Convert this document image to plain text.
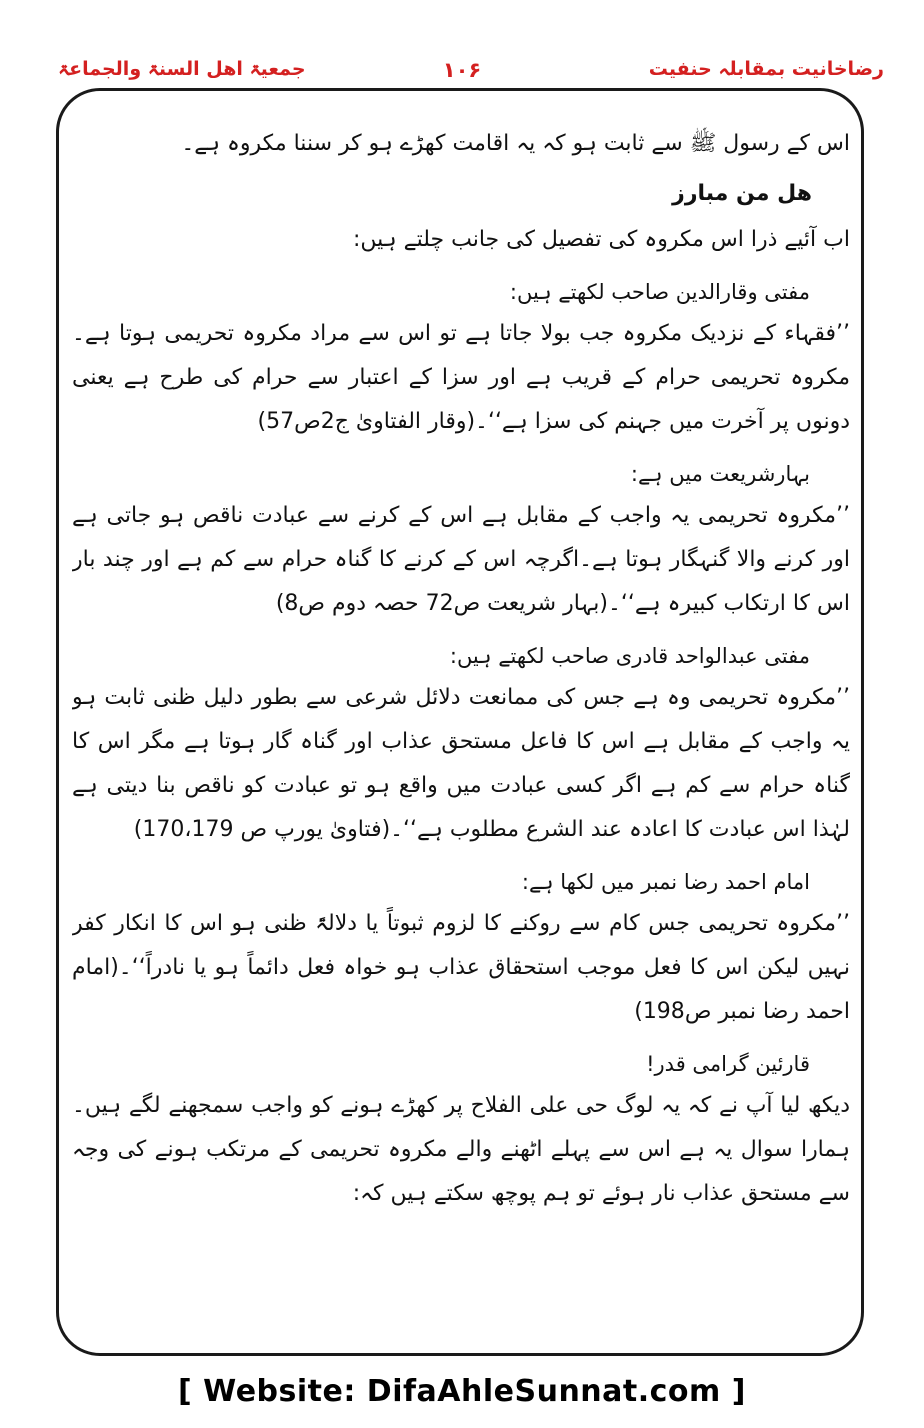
رضاخانیت بمقابلہ حنفیت
۱۰۶
جمعیۃ اھل السنۃ والجماعۃ

اس کے رسول ﷺ سے ثابت ہو کہ یہ اقامت کھڑے ہو کر سننا مکروہ ہے۔

ھل من مبارز

اب آئیے ذرا اس مکروہ کی تفصیل کی جانب چلتے ہیں:

مفتی وقارالدین صاحب لکھتے ہیں:

’’فقہاء کے نزدیک مکروہ جب بولا جاتا ہے تو اس سے مراد مکروہ تحریمی ہوتا ہے۔مکروہ تحریمی حرام کے قریب ہے اور سزا کے اعتبار سے حرام کی طرح ہے یعنی دونوں پر آخرت میں جہنم کی سزا ہے‘‘۔(وقار الفتاویٰ ج2ص57)

بہارشریعت میں ہے:

’’مکروہ تحریمی یہ واجب کے مقابل ہے اس کے کرنے سے عبادت ناقص ہو جاتی ہے اور کرنے والا گنہگار ہوتا ہے۔اگرچہ اس کے کرنے کا گناہ حرام سے کم ہے اور چند بار اس کا ارتکاب کبیرہ ہے‘‘۔(بہار شریعت ص72 حصہ دوم ص8)

مفتی عبدالواحد قادری صاحب لکھتے ہیں:

’’مکروہ تحریمی وہ ہے جس کی ممانعت دلائل شرعی سے بطور دلیل ظنی ثابت ہو یہ واجب کے مقابل ہے اس کا فاعل مستحق عذاب اور گناہ گار ہوتا ہے مگر اس کا گناہ حرام سے کم ہے اگر کسی عبادت میں واقع ہو تو عبادت کو ناقص بنا دیتی ہے لہٰذا اس عبادت کا اعادہ عند الشرع مطلوب ہے‘‘۔(فتاویٰ یورپ ص 170،179)

امام احمد رضا نمبر میں لکھا ہے:

’’مکروہ تحریمی جس کام سے روکنے کا لزوم ثبوتاً یا دلالۃً ظنی ہو اس کا انکار کفر نہیں لیکن اس کا فعل موجب استحقاق عذاب ہو خواہ فعل دائماً ہو یا نادراً‘‘۔(امام احمد رضا نمبر ص198)

قارئین گرامی قدر!

دیکھ لیا آپ نے کہ یہ لوگ حی علی الفلاح پر کھڑے ہونے کو واجب سمجھنے لگے ہیں۔ہمارا سوال یہ ہے اس سے پہلے اٹھنے والے مکروہ تحریمی کے مرتکب ہونے کی وجہ سے مستحق عذاب نار ہوئے تو ہم پوچھ سکتے ہیں کہ:

[ Website: DifaAhleSunnat.com ]
